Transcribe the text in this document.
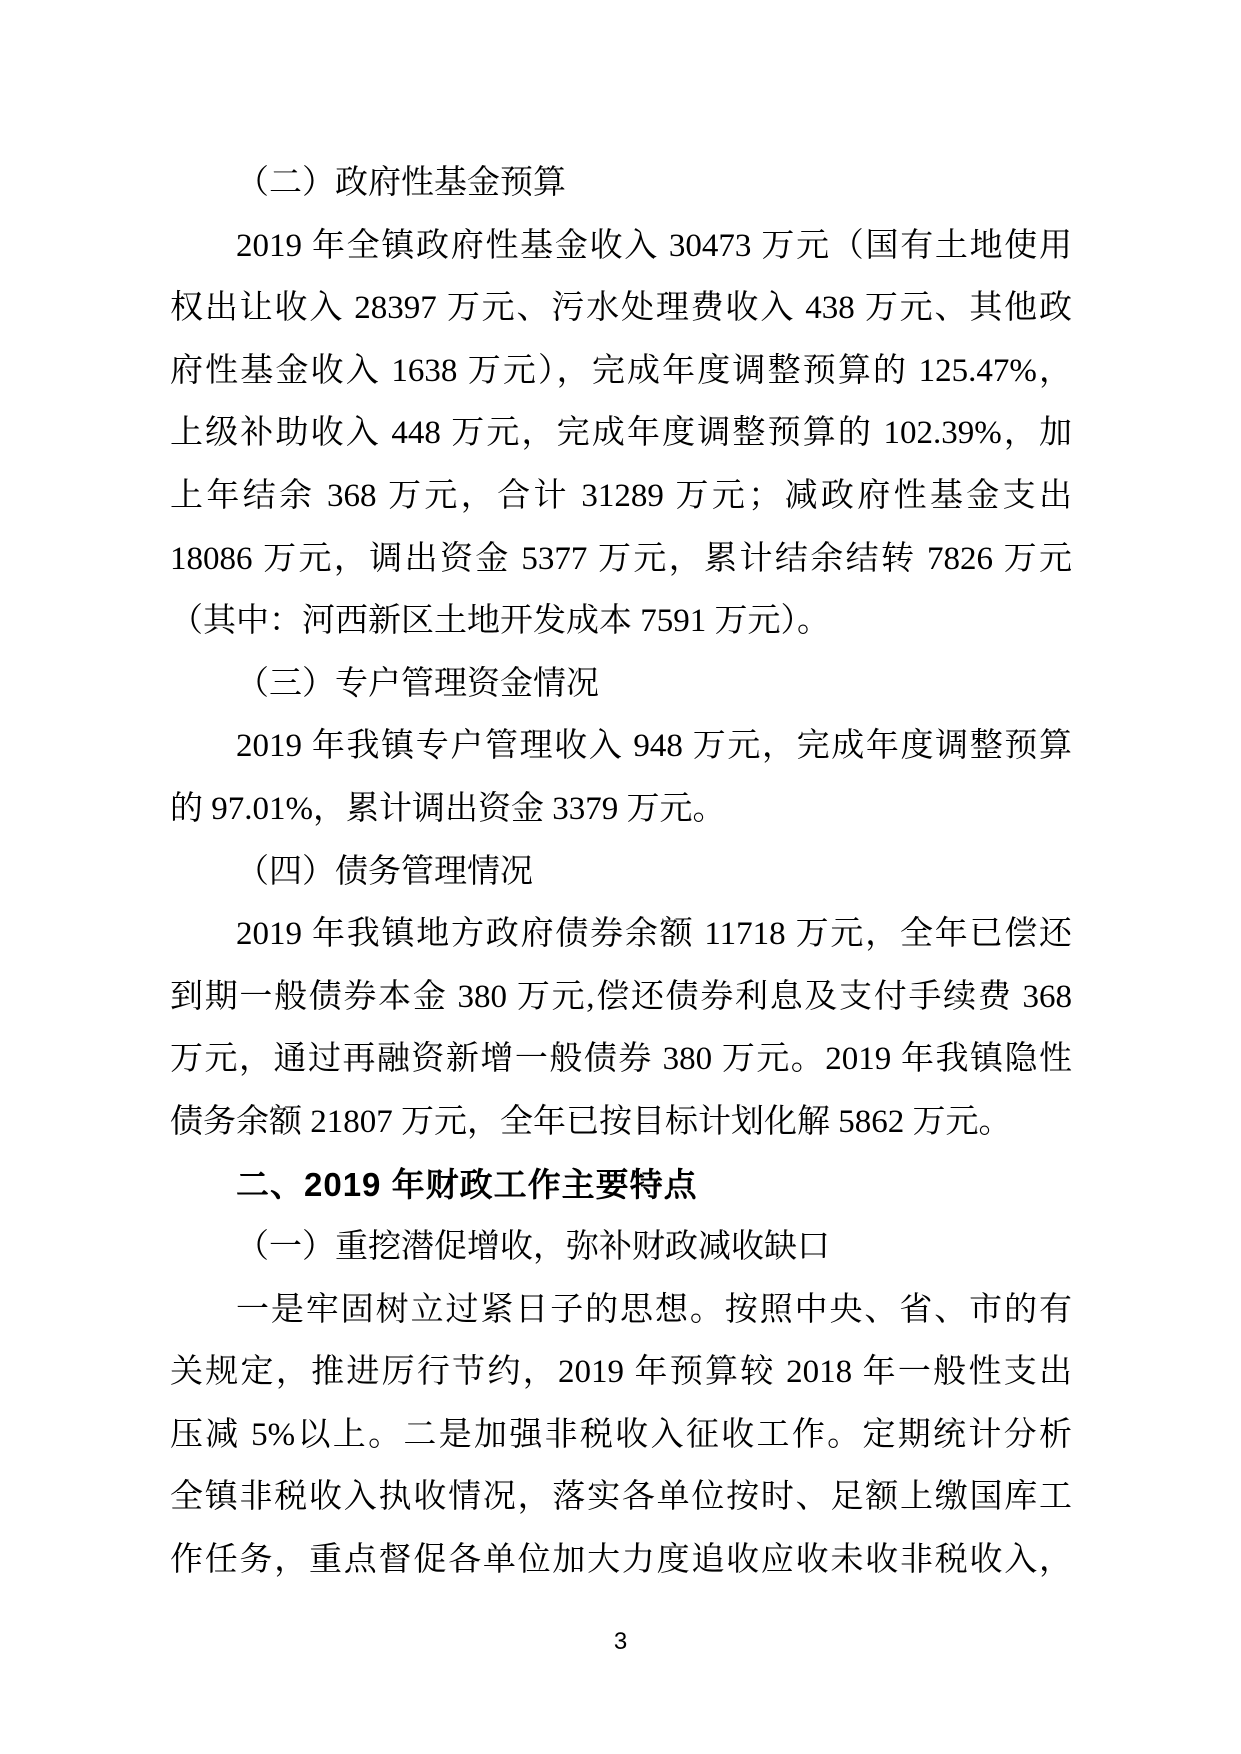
（二）政府性基金预算
2019 年全镇政府性基金收入 30473 万元（国有土地使用
权出让收入 28397 万元、污水处理费收入 438 万元、其他政
府性基金收入 1638 万元），完成年度调整预算的 125.47%，
上级补助收入 448 万元，完成年度调整预算的 102.39%，加
上年结余 368 万元，合计 31289 万元；减政府性基金支出
18086 万元，调出资金 5377 万元，累计结余结转 7826 万元
（其中：河西新区土地开发成本 7591 万元）。
（三）专户管理资金情况
2019 年我镇专户管理收入 948 万元，完成年度调整预算
的 97.01%，累计调出资金 3379 万元。
（四）债务管理情况
2019 年我镇地方政府债券余额 11718 万元，全年已偿还
到期一般债券本金 380 万元,偿还债券利息及支付手续费 368
万元，通过再融资新增一般债券 380 万元。2019 年我镇隐性
债务余额 21807 万元，全年已按目标计划化解 5862 万元。
二、2019 年财政工作主要特点
（一）重挖潜促增收，弥补财政减收缺口
一是牢固树立过紧日子的思想。按照中央、省、市的有
关规定，推进厉行节约，2019 年预算较 2018 年一般性支出
压减 5%以上。二是加强非税收入征收工作。定期统计分析
全镇非税收入执收情况，落实各单位按时、足额上缴国库工
作任务，重点督促各单位加大力度追收应收未收非税收入，
3
